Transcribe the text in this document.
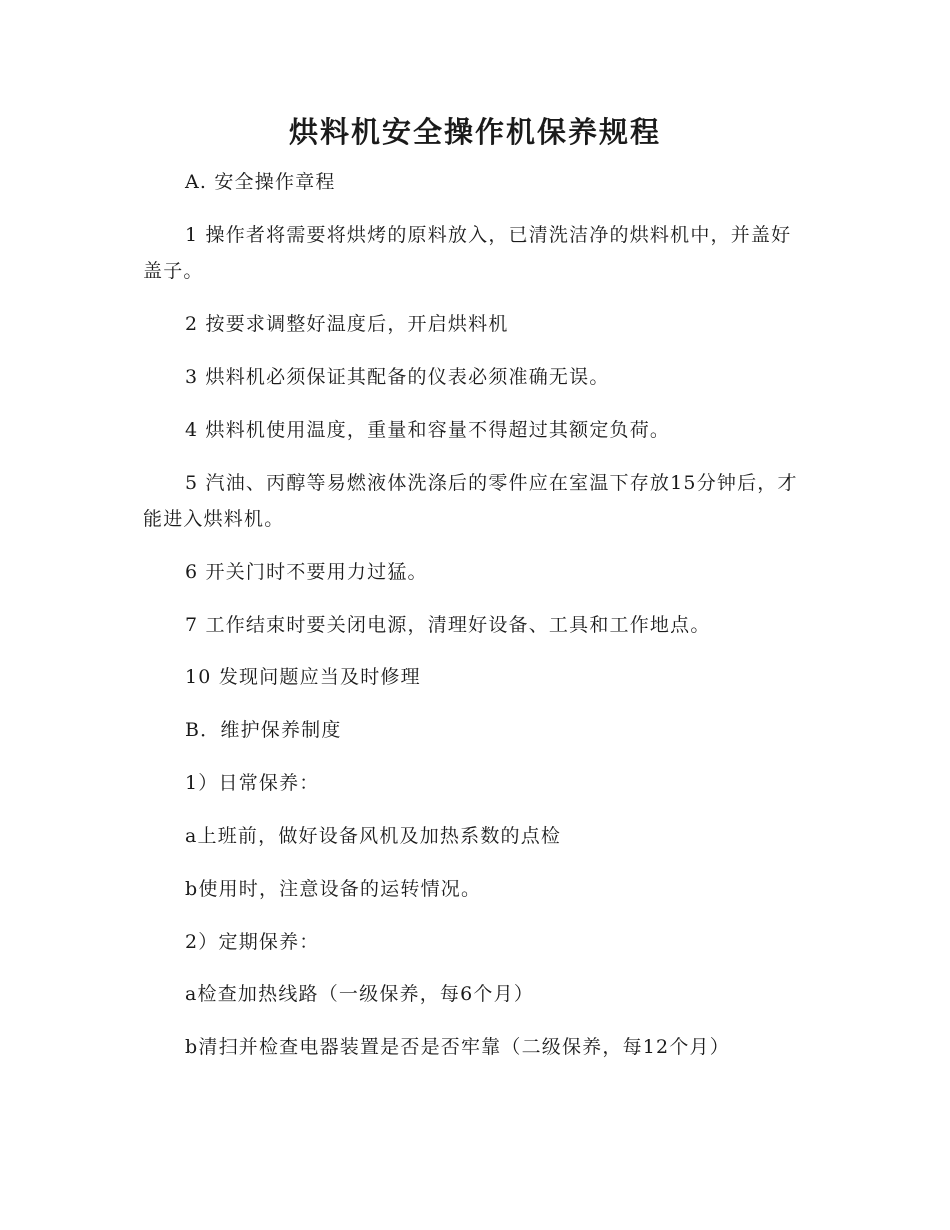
烘料机安全操作机保养规程

A. 安全操作章程

1 操作者将需要将烘烤的原料放入，已清洗洁净的烘料机中，并盖好盖子。

2 按要求调整好温度后，开启烘料机

3 烘料机必须保证其配备的仪表必须准确无误。

4 烘料机使用温度，重量和容量不得超过其额定负荷。

5 汽油、丙醇等易燃液体洗涤后的零件应在室温下存放15分钟后，才能进入烘料机。

6 开关门时不要用力过猛。

7 工作结束时要关闭电源，清理好设备、工具和工作地点。

10 发现问题应当及时修理

B．维护保养制度

1）日常保养：

a上班前，做好设备风机及加热系数的点检

b使用时，注意设备的运转情况。

2）定期保养：

a检查加热线路（一级保养，每6个月）

b清扫并检查电器装置是否是否牢靠（二级保养，每12个月）
